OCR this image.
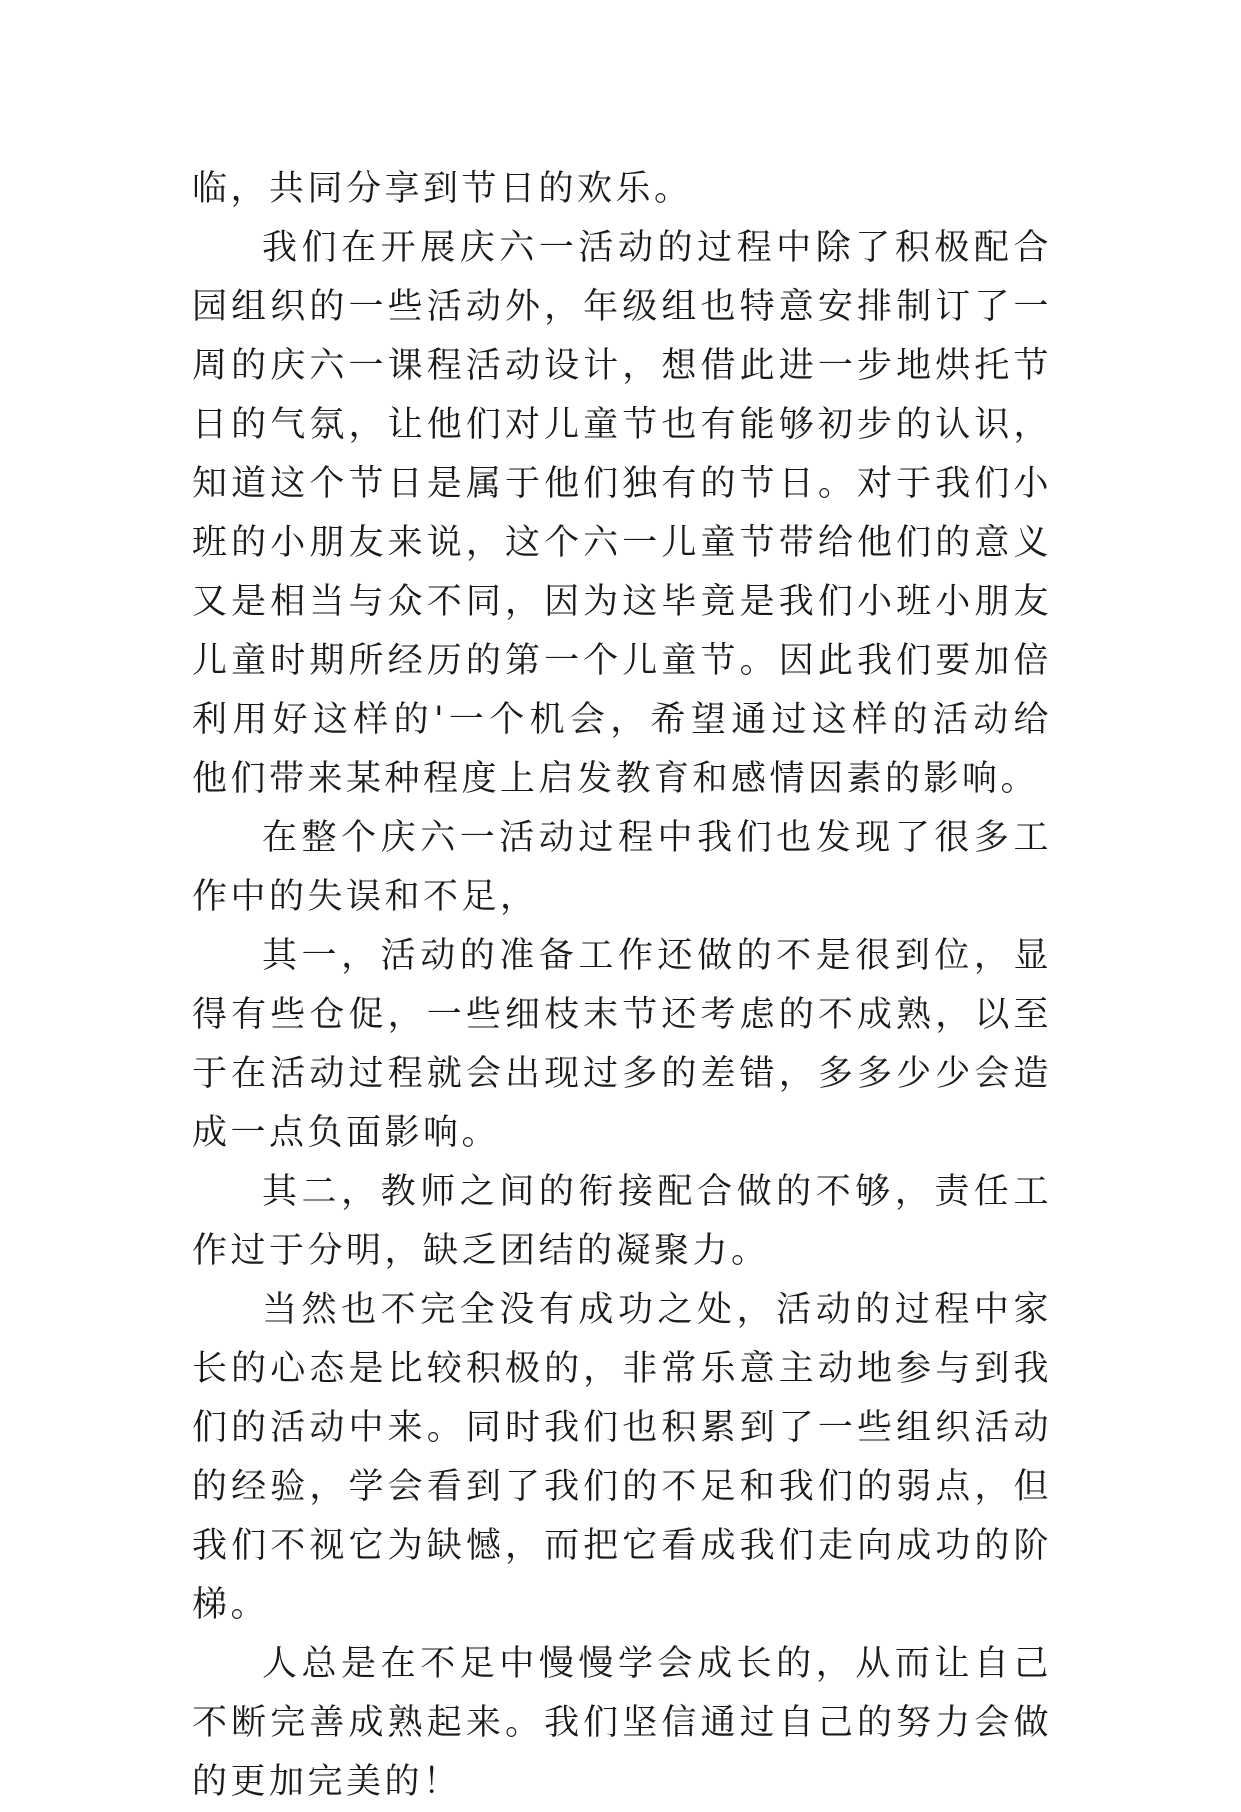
临，共同分享到节日的欢乐。

我们在开展庆六一活动的过程中除了积极配合园组织的一些活动外，年级组也特意安排制订了一周的庆六一课程活动设计，想借此进一步地烘托节日的气氛，让他们对儿童节也有能够初步的认识，知道这个节日是属于他们独有的节日。对于我们小班的小朋友来说，这个六一儿童节带给他们的意义又是相当与众不同，因为这毕竟是我们小班小朋友儿童时期所经历的第一个儿童节。因此我们要加倍利用好这样的'一个机会，希望通过这样的活动给他们带来某种程度上启发教育和感情因素的影响。

在整个庆六一活动过程中我们也发现了很多工作中的失误和不足，

其一，活动的准备工作还做的不是很到位，显得有些仓促，一些细枝末节还考虑的不成熟，以至于在活动过程就会出现过多的差错，多多少少会造成一点负面影响。

其二，教师之间的衔接配合做的不够，责任工作过于分明，缺乏团结的凝聚力。

当然也不完全没有成功之处，活动的过程中家长的心态是比较积极的，非常乐意主动地参与到我们的活动中来。同时我们也积累到了一些组织活动的经验，学会看到了我们的不足和我们的弱点，但我们不视它为缺憾，而把它看成我们走向成功的阶梯。

人总是在不足中慢慢学会成长的，从而让自己不断完善成熟起来。我们坚信通过自己的努力会做的更加完美的！
